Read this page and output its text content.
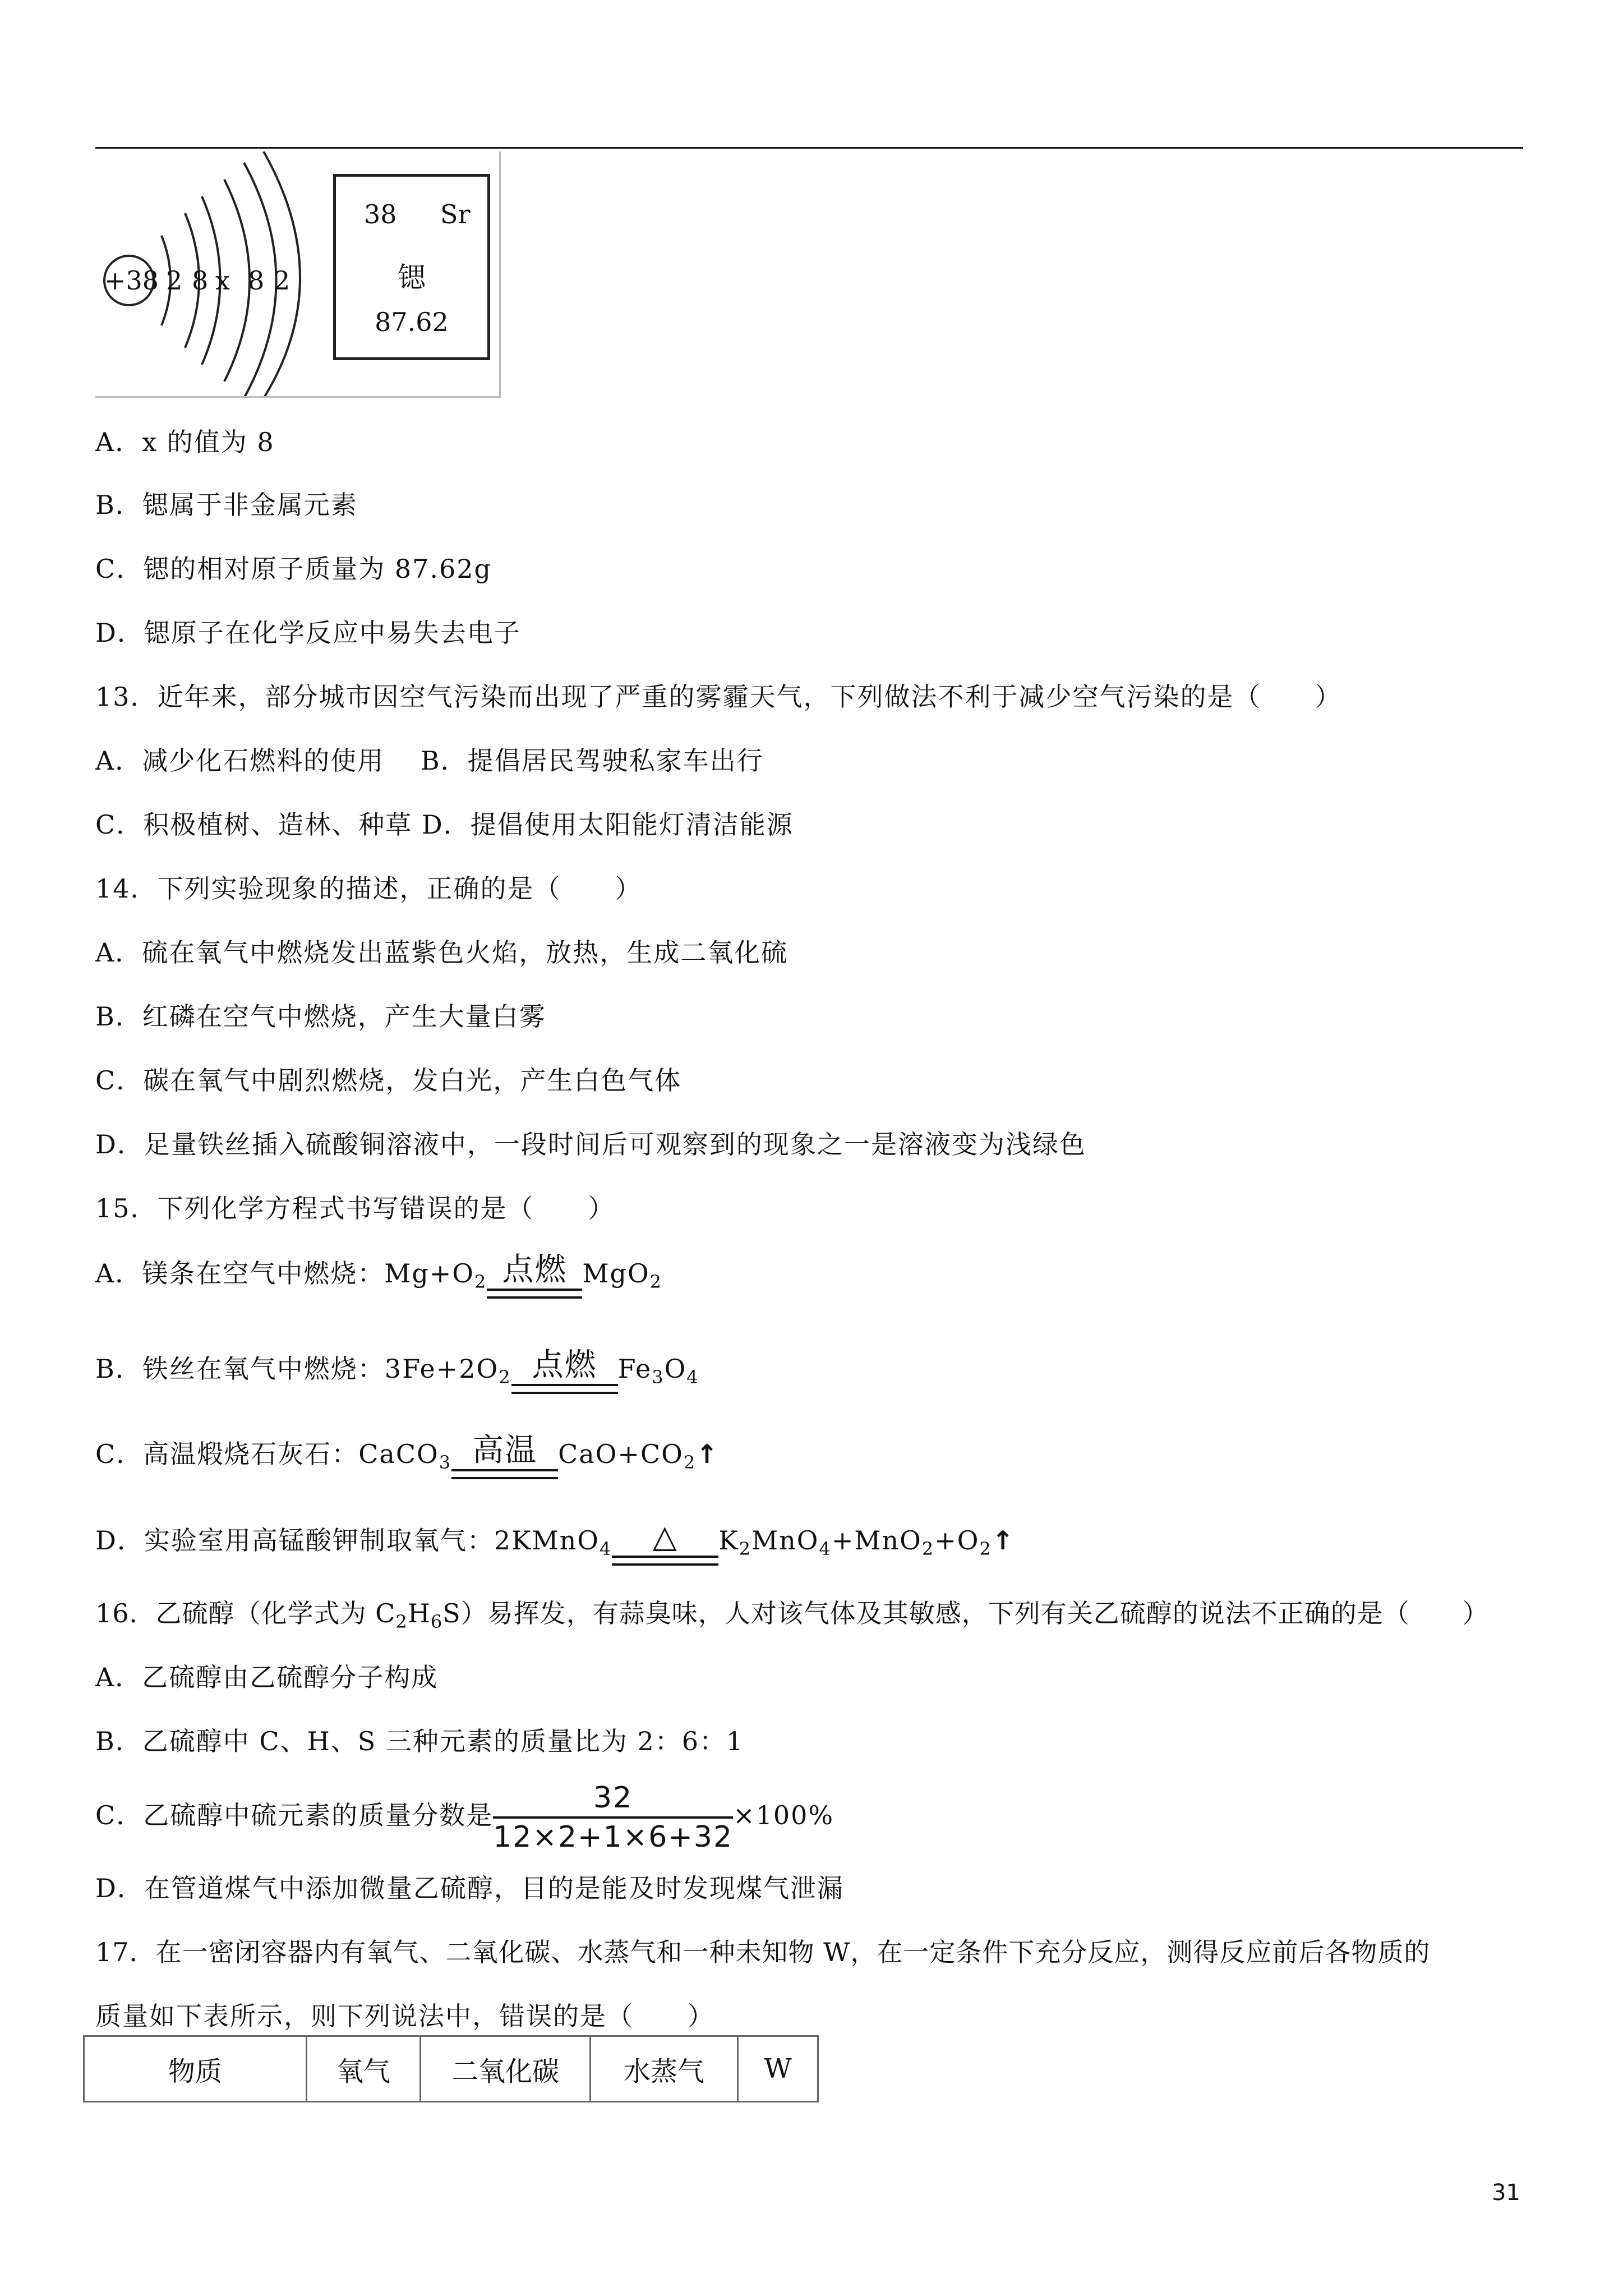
+38 2 8 x 8 2
38 Sr
锶
87.62
A．x 的值为 8
B．锶属于非金属元素
C．锶的相对原子质量为 87.62g
D．锶原子在化学反应中易失去电子
13．近年来，部分城市因空气污染而出现了严重的雾霾天气，下列做法不利于减少空气污染的是（　　）
A．减少化石燃料的使用　 B．提倡居民驾驶私家车出行
C．积极植树、造林、种草 D．提倡使用太阳能灯清洁能源
14．下列实验现象的描述，正确的是（　　）
A．硫在氧气中燃烧发出蓝紫色火焰，放热，生成二氧化硫
B．红磷在空气中燃烧，产生大量白雾
C．碳在氧气中剧烈燃烧，发白光，产生白色气体
D．足量铁丝插入硫酸铜溶液中，一段时间后可观察到的现象之一是溶液变为浅绿色
15．下列化学方程式书写错误的是（　　）
A．镁条在空气中燃烧：$Mg+O_2$ 点燃 MgO$_2$
B．铁丝在氧气中燃烧：$3Fe+2O_2$ 点燃 $Fe_3O_4$
C．高温煅烧石灰石：CaCO$_3$ 高温 $CaO+CO_2↑$
D．实验室用高锰酸钾制取氧气：2KMnO$_4$	△	$K_2MnO_4+MnO_2+O_2↑$
16．乙硫醇（化学式为 $C_2H_6S$）易挥发，有蒜臭味，人对该气体及其敏感，下列有关乙硫醇的说法不正确的是（　　）
A．乙硫醇由乙硫醇分子构成
B．乙硫醇中 C、H、S 三种元素的质量比为 2：6：1
C．乙硫醇中硫元素的质量分数是 $\frac{32}{12\times 2+1\times 6+32} \times 100\%$
D．在管道煤气中添加微量乙硫醇，目的是能及时发现煤气泄漏
17．在一密闭容器内有氧气、二氧化碳、水蒸气和一种未知物 W，在一定条件下充分反应，测得反应前后各物质的
质量如下表所示，则下列说法中，错误的是（　　）
物质	氧气	二氧化碳	水蒸气	W
31
